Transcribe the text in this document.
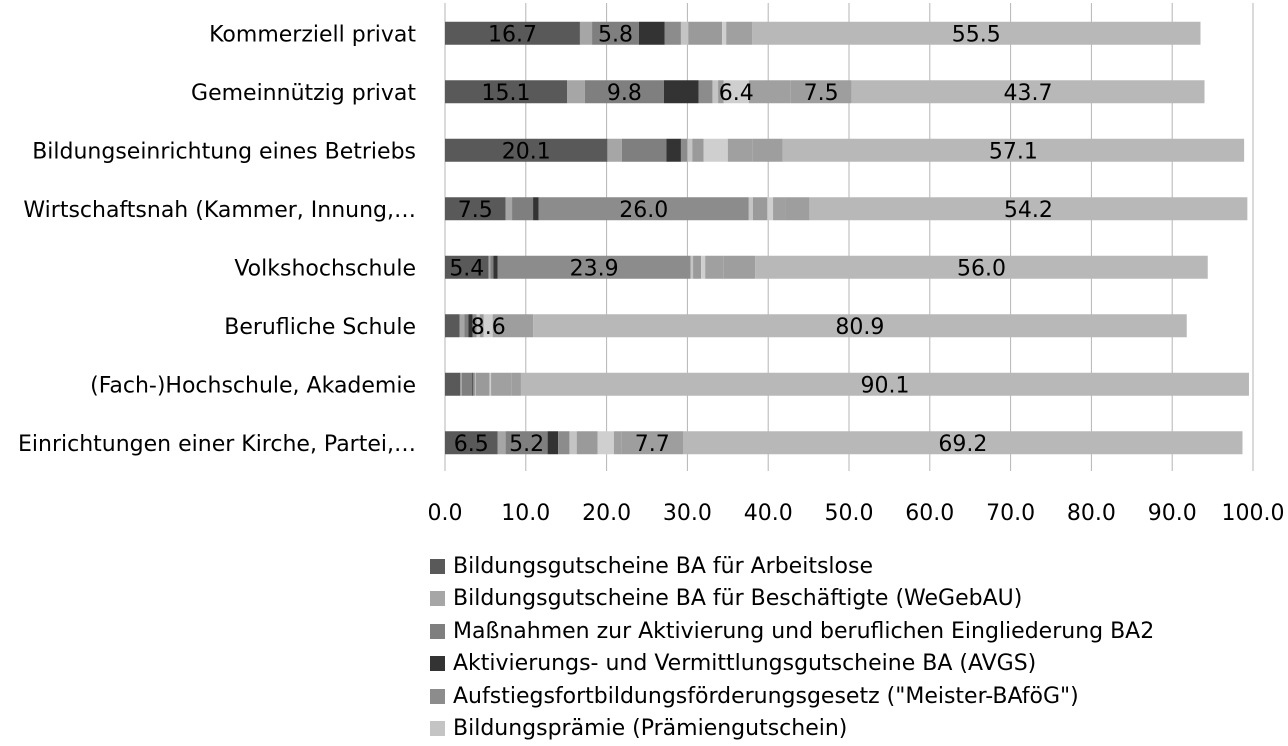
Kommerziell privat	16.7	5.8	55.5
Gemeinnützig privat	15.1	9.8	6.4 7.5	43.7
Bildungseinrichtung eines Betriebs	20.1	57.1
Wirtschaftsnah (Kammer, Innung,… 7.5	26.0	54.2
Volkshochschule 5.4	23.9	56.0
Berufliche Schule 8.6	80.9
(Fach-)Hochschule, Akademie	90.1
Einrichtungen einer Kirche, Partei,… 6.5 5.2	7.7	69.2
0.0 10.0 20.0 30.0 40.0 50.0 60.0 70.0 80.0 90.0 100.0
Bildungsgutscheine BA für Arbeitslose
Bildungsgutscheine BA für Beschäftigte (WeGebAU)
Maßnahmen zur Aktivierung und beruflichen Eingliederung BA2
Aktivierungs- und Vermittlungsgutscheine BA (AVGS)
Aufstiegsfortbildungsförderungsgesetz ("Meister-BAföG")
Bildungsprämie (Prämiengutschein)
